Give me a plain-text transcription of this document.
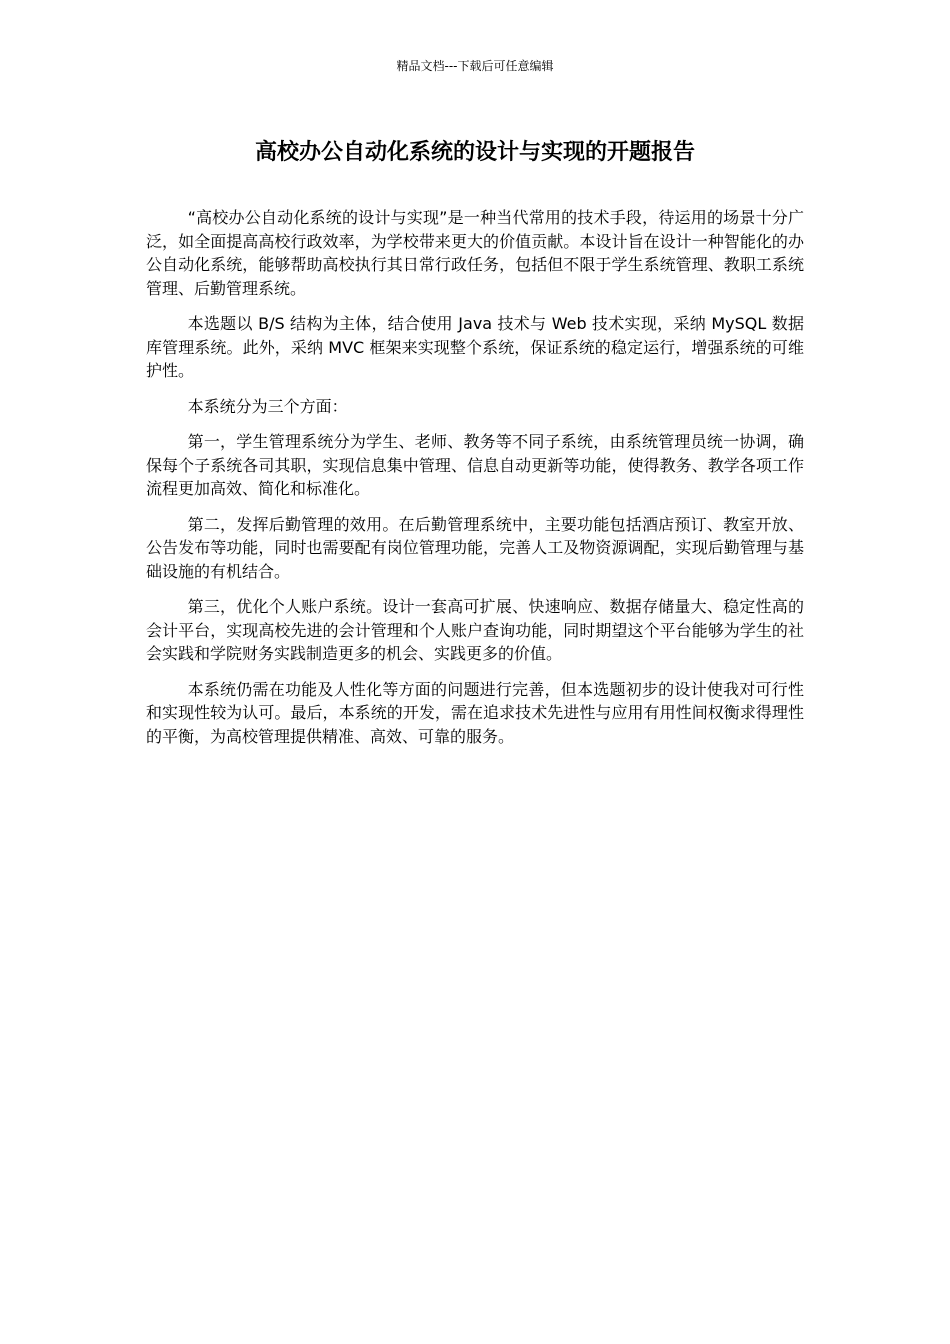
精品文档---下载后可任意编辑
高校办公自动化系统的设计与实现的开题报告

“高校办公自动化系统的设计与实现”是一种当代常用的技术手段，待运用的场景十分广泛，如全面提高高校行政效率，为学校带来更大的价值贡献。本设计旨在设计一种智能化的办公自动化系统，能够帮助高校执行其日常行政任务，包括但不限于学生系统管理、教职工系统管理、后勤管理系统。

本选题以 B/S 结构为主体，结合使用 Java 技术与 Web 技术实现，采纳 MySQL 数据库管理系统。此外，采纳 MVC 框架来实现整个系统，保证系统的稳定运行，增强系统的可维护性。

本系统分为三个方面：

第一，学生管理系统分为学生、老师、教务等不同子系统，由系统管理员统一协调，确保每个子系统各司其职，实现信息集中管理、信息自动更新等功能，使得教务、教学各项工作流程更加高效、简化和标准化。

第二，发挥后勤管理的效用。在后勤管理系统中，主要功能包括酒店预订、教室开放、公告发布等功能，同时也需要配有岗位管理功能，完善人工及物资源调配，实现后勤管理与基础设施的有机结合。

第三，优化个人账户系统。设计一套高可扩展、快速响应、数据存储量大、稳定性高的会计平台，实现高校先进的会计管理和个人账户查询功能，同时期望这个平台能够为学生的社会实践和学院财务实践制造更多的机会、实践更多的价值。

本系统仍需在功能及人性化等方面的问题进行完善，但本选题初步的设计使我对可行性和实现性较为认可。最后，本系统的开发，需在追求技术先进性与应用有用性间权衡求得理性的平衡，为高校管理提供精准、高效、可靠的服务。
